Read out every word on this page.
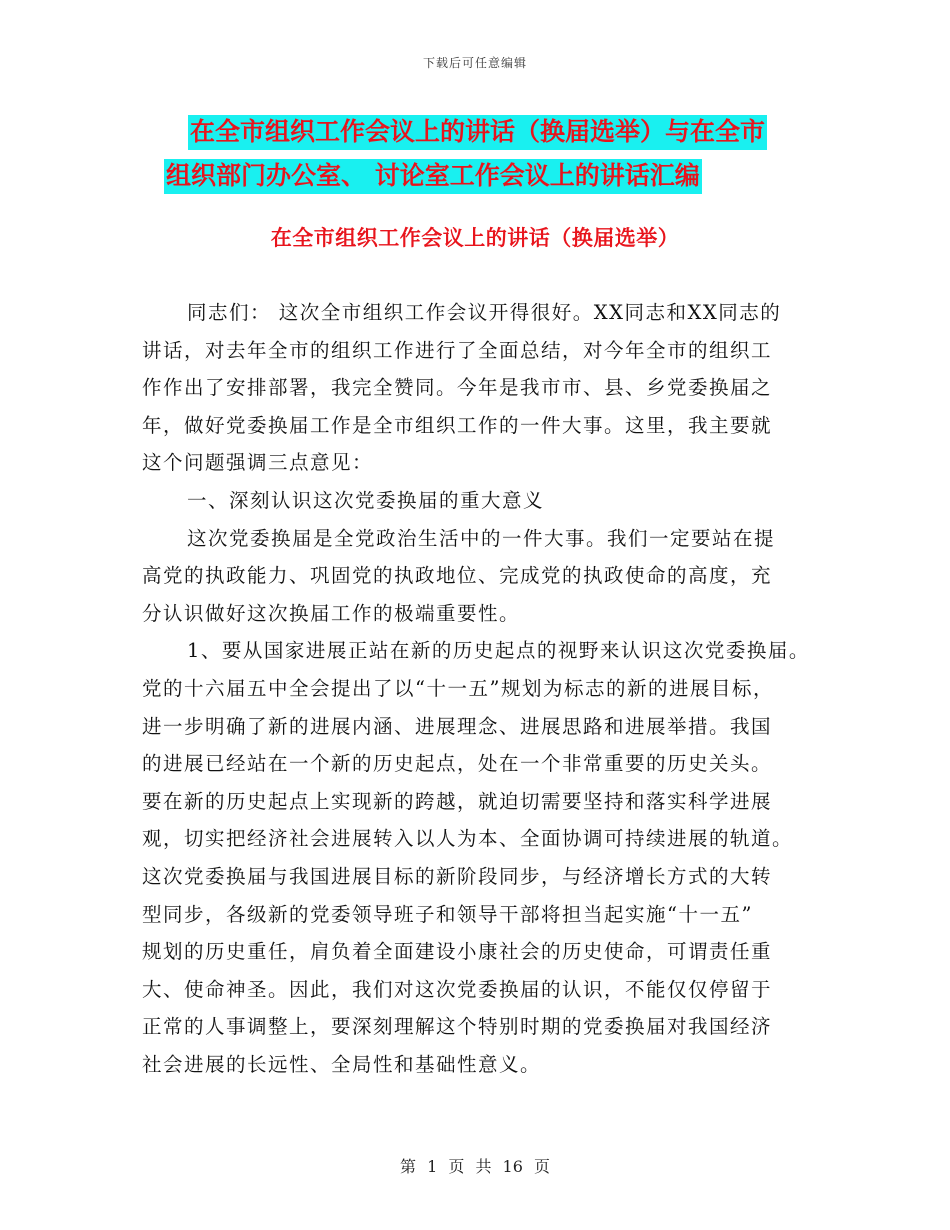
下载后可任意编辑
在全市组织工作会议上的讲话（换届选举）与在全市
组织部门办公室、 讨论室工作会议上的讲话汇编
在全市组织工作会议上的讲话（换届选举）
同志们： 这次全市组织工作会议开得很好。XX同志和XX同志的
讲话，对去年全市的组织工作进行了全面总结，对今年全市的组织工
作作出了安排部署，我完全赞同。今年是我市市、县、乡党委换届之
年，做好党委换届工作是全市组织工作的一件大事。这里，我主要就
这个问题强调三点意见：
一、深刻认识这次党委换届的重大意义
这次党委换届是全党政治生活中的一件大事。我们一定要站在提
高党的执政能力、巩固党的执政地位、完成党的执政使命的高度，充
分认识做好这次换届工作的极端重要性。
1、要从国家进展正站在新的历史起点的视野来认识这次党委换届。
党的十六届五中全会提出了以“十一五”规划为标志的新的进展目标，
进一步明确了新的进展内涵、进展理念、进展思路和进展举措。我国
的进展已经站在一个新的历史起点，处在一个非常重要的历史关头。
要在新的历史起点上实现新的跨越，就迫切需要坚持和落实科学进展
观，切实把经济社会进展转入以人为本、全面协调可持续进展的轨道。
这次党委换届与我国进展目标的新阶段同步，与经济增长方式的大转
型同步，各级新的党委领导班子和领导干部将担当起实施“十一五”
规划的历史重任，肩负着全面建设小康社会的历史使命，可谓责任重
大、使命神圣。因此，我们对这次党委换届的认识，不能仅仅停留于
正常的人事调整上，要深刻理解这个特别时期的党委换届对我国经济
社会进展的长远性、全局性和基础性意义。
第 1 页 共 16 页
